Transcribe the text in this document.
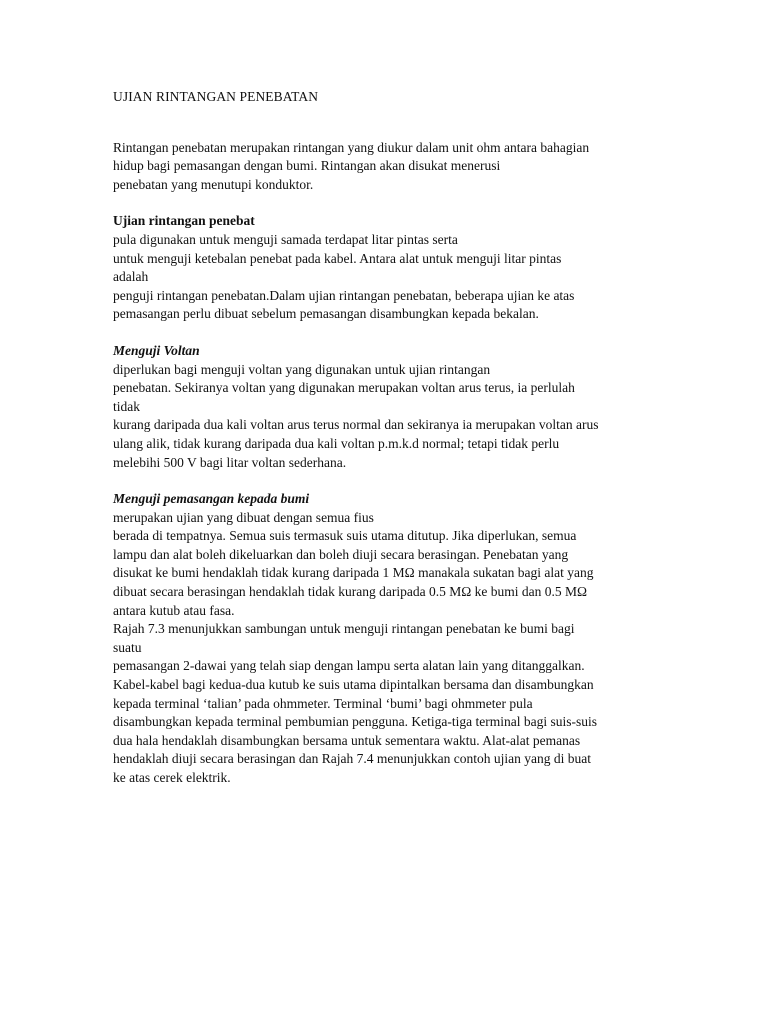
UJIAN RINTANGAN PENEBATAN
Rintangan penebatan merupakan rintangan yang diukur dalam unit ohm antara bahagian
hidup bagi pemasangan dengan bumi. Rintangan akan disukat menerusi
penebatan yang menutupi konduktor.
Ujian rintangan penebat
pula digunakan untuk menguji samada terdapat litar pintas serta
untuk menguji ketebalan penebat pada kabel. Antara alat untuk menguji litar pintas
adalah
penguji rintangan penebatan.Dalam ujian rintangan penebatan, beberapa ujian ke atas
pemasangan perlu dibuat sebelum pemasangan disambungkan kepada bekalan.
Menguji Voltan
diperlukan bagi menguji voltan yang digunakan untuk ujian rintangan
penebatan. Sekiranya voltan yang digunakan merupakan voltan arus terus, ia perlulah
tidak
kurang daripada dua kali voltan arus terus normal dan sekiranya ia merupakan voltan arus
ulang alik, tidak kurang daripada dua kali voltan p.m.k.d normal; tetapi tidak perlu
melebihi 500 V bagi litar voltan sederhana.
Menguji pemasangan kepada bumi
merupakan ujian yang dibuat dengan semua fius
berada di tempatnya. Semua suis termasuk suis utama ditutup. Jika diperlukan, semua
lampu dan alat boleh dikeluarkan dan boleh diuji secara berasingan. Penebatan yang
disukat ke bumi hendaklah tidak kurang daripada 1 MΩ manakala sukatan bagi alat yang
dibuat secara berasingan hendaklah tidak kurang daripada 0.5 MΩ ke bumi dan 0.5 MΩ
antara kutub atau fasa.
Rajah 7.3 menunjukkan sambungan untuk menguji rintangan penebatan ke bumi bagi
suatu
pemasangan 2-dawai yang telah siap dengan lampu serta alatan lain yang ditanggalkan.
Kabel-kabel bagi kedua-dua kutub ke suis utama dipintalkan bersama dan disambungkan
kepada terminal ‘talian’ pada ohmmeter. Terminal ‘bumi’ bagi ohmmeter pula
disambungkan kepada terminal pembumian pengguna. Ketiga-tiga terminal bagi suis-suis
dua hala hendaklah disambungkan bersama untuk sementara waktu. Alat-alat pemanas
hendaklah diuji secara berasingan dan Rajah 7.4 menunjukkan contoh ujian yang di buat
ke atas cerek elektrik.
